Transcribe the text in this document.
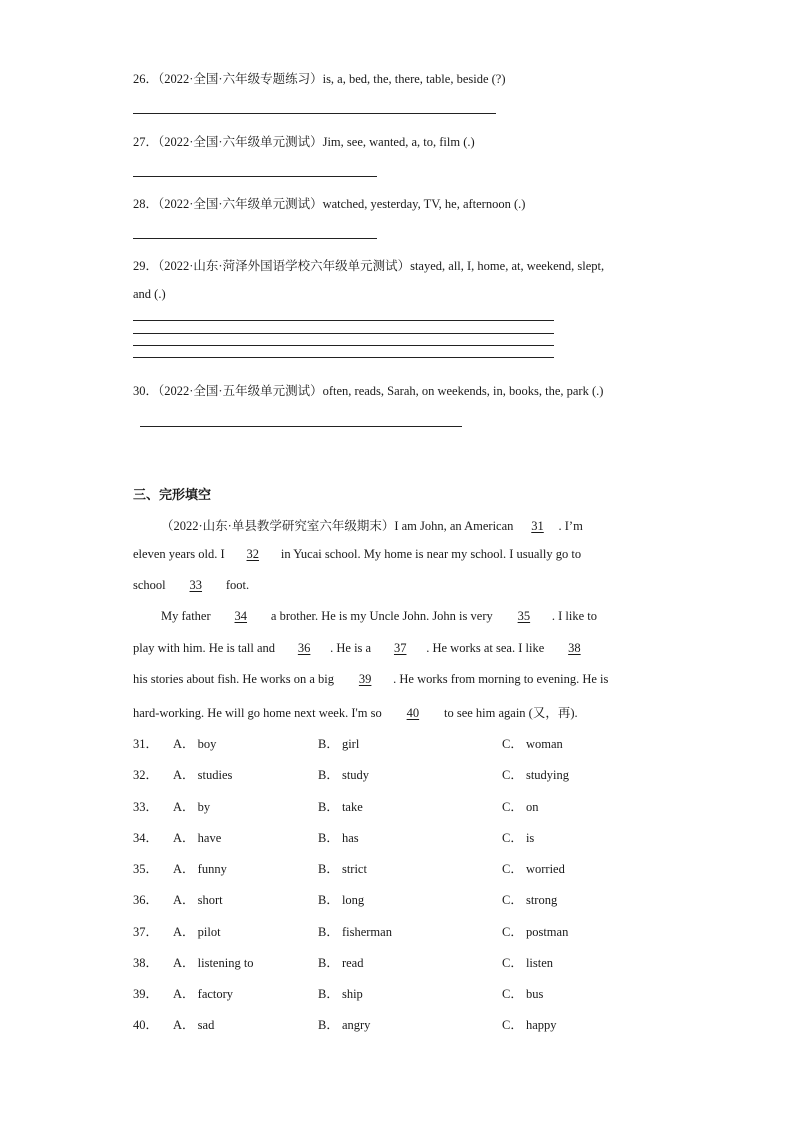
26．（2022·全国·六年级专题练习）is, a, bed, the, there, table, beside (?)
27．（2022·全国·六年级单元测试）Jim, see, wanted, a, to, film (.)
28．（2022·全国·六年级单元测试）watched, yesterday, TV, he, afternoon (.)
29．（2022·山东·菏泽外国语学校六年级单元测试）stayed, all, I, home, at, weekend, slept,
and (.)
30．（2022·全国·五年级单元测试）often, reads, Sarah, on weekends, in, books, the, park (.)
三、完形填空
（2022·山东·单县教学研究室六年级期末）I am John, an American 31 . I’m
eleven years old. I 32 in Yucai school. My home is near my school. I usually go to
school 33 foot.
My father 34 a brother. He is my Uncle John. John is very 35 . I like to
play with him. He is tall and 36 . He is a 37 . He works at sea. I like 38
his stories about fish. He works on a big 39 . He works from morning to evening. He is
hard-working. He will go home next week. I'm so 40 to see him again (又，再).
31． A． boy	B． girl	C． woman
32． A． studies	B． study	C． studying
33． A． by	B． take	C． on
34． A． have	B． has	C． is
35． A． funny	B． strict	C． worried
36． A． short	B． long	C． strong
37． A． pilot	B． fisherman	C． postman
38． A． listening to	B． read	C． listen
39． A． factory	B． ship	C． bus
40． A． sad	B． angry	C． happy
